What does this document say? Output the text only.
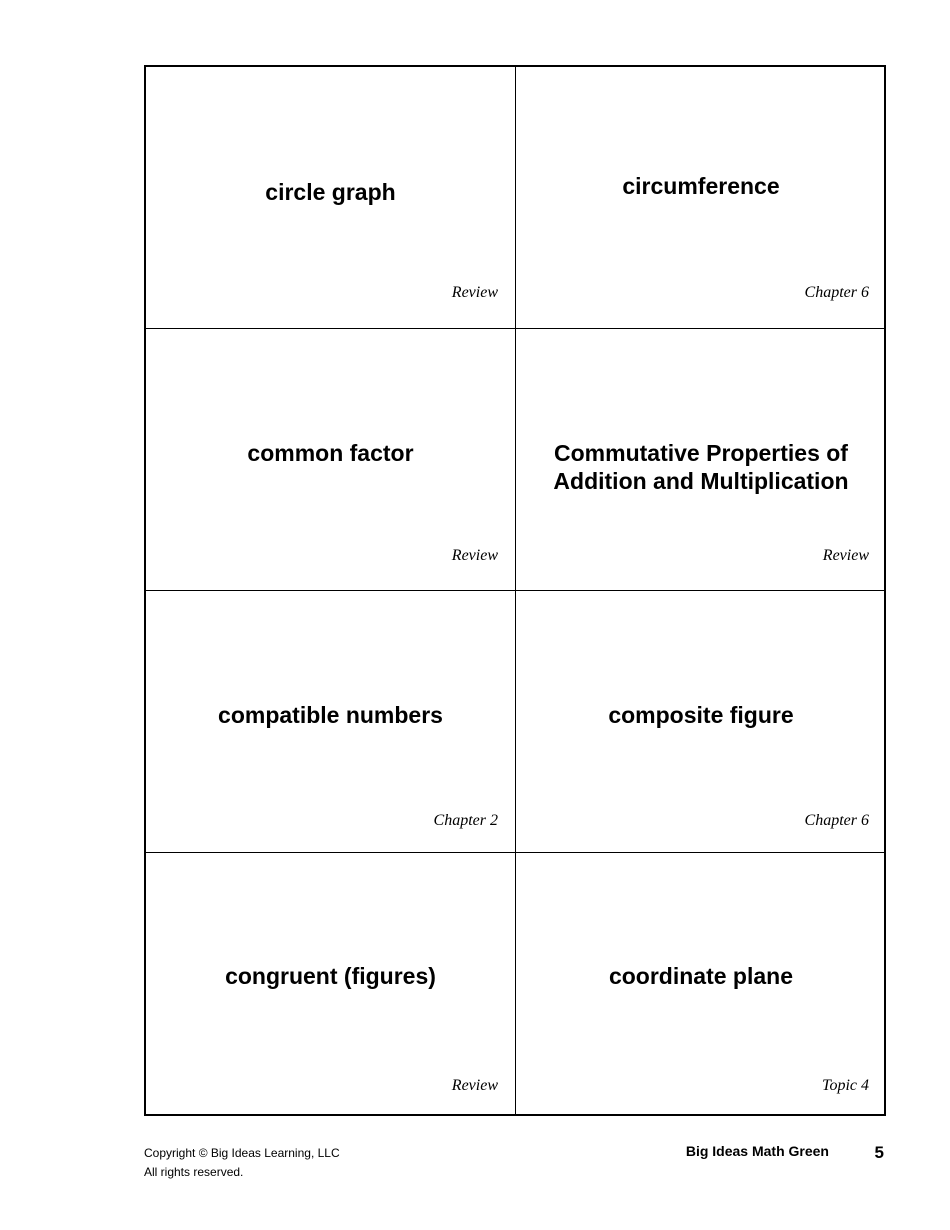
circle graph
Review
circumference
Chapter 6
common factor
Review
Commutative Properties of
Addition and Multiplication
Review
compatible numbers
Chapter 2
composite figure
Chapter 6
congruent (figures)
Review
coordinate plane
Topic 4
Copyright © Big Ideas Learning, LLC
All rights reserved.
Big Ideas Math Green	5
